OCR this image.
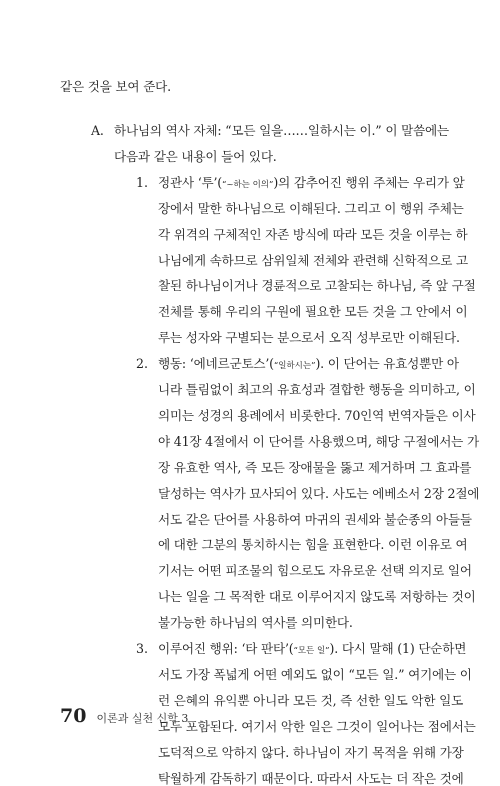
같은 것을 보여 준다.

A. 하나님의 역사 자체: “모든 일을……일하시는 이.” 이 말씀에는

다음과 같은 내용이 들어 있다.

1. 정관사 ‘투’(“~하는 이의”)의 감추어진 행위 주체는 우리가 앞

장에서 말한 하나님으로 이해된다. 그리고 이 행위 주체는

각 위격의 구체적인 자존 방식에 따라 모든 것을 이루는 하

나님에게 속하므로 삼위일체 전체와 관련해 신학적으로 고

찰된 하나님이거나 경륜적으로 고찰되는 하나님, 즉 앞 구절

전체를 통해 우리의 구원에 필요한 모든 것을 그 안에서 이

루는 성자와 구별되는 분으로서 오직 성부로만 이해된다.

2. 행동: ‘에네르군토스’(“일하시는”). 이 단어는 유효성뿐만 아

니라 틀림없이 최고의 유효성과 결합한 행동을 의미하고, 이

의미는 성경의 용례에서 비롯한다. 70인역 번역자들은 이사

야 41장 4절에서 이 단어를 사용했으며, 해당 구절에서는 가

장 유효한 역사, 즉 모든 장애물을 뚫고 제거하며 그 효과를

달성하는 역사가 묘사되어 있다. 사도는 에베소서 2장 2절에

서도 같은 단어를 사용하여 마귀의 권세와 불순종의 아들들

에 대한 그분의 통치하시는 힘을 표현한다. 이런 이유로 여

기서는 어떤 피조물의 힘으로도 자유로운 선택 의지로 일어

나는 일을 그 목적한 대로 이루어지지 않도록 저항하는 것이

불가능한 하나님의 역사를 의미한다.

3. 이루어진 행위: ‘타 판타’(“모든 일”). 다시 말해 (1) 단순하면

서도 가장 폭넓게 어떤 예외도 없이 “모든 일.” 여기에는 이

런 은혜의 유익뿐 아니라 모든 것, 즉 선한 일도 악한 일도

모두 포함된다. 여기서 악한 일은 그것이 일어나는 점에서는

도덕적으로 악하지 않다. 하나님이 자기 목적을 위해 가장

탁월하게 감독하기 때문이다. 따라서 사도는 더 작은 것에

70 이론과 실천 신학 3
